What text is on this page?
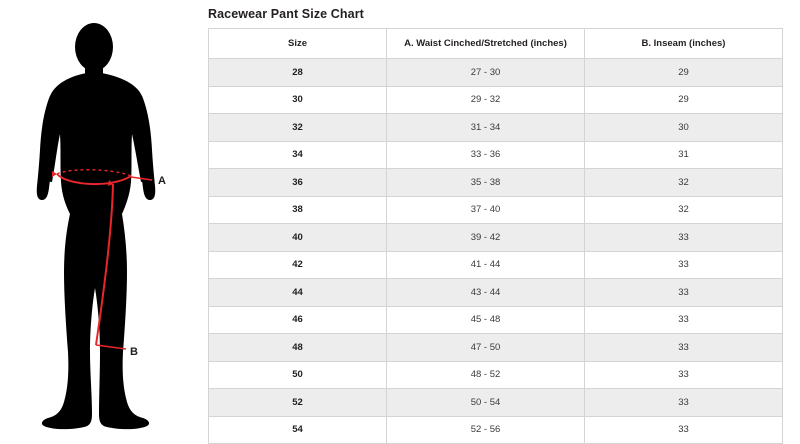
A
B
Racewear Pant Size Chart
Size	A. Waist Cinched/Stretched (inches)	B. Inseam (inches)
28	27 - 30	29
30	29 - 32	29
32	31 - 34	30
34	33 - 36	31
36	35 - 38	32
38	37 - 40	32
40	39 - 42	33
42	41 - 44	33
44	43 - 44	33
46	45 - 48	33
48	47 - 50	33
50	48 - 52	33
52	50 - 54	33
54	52 - 56	33
